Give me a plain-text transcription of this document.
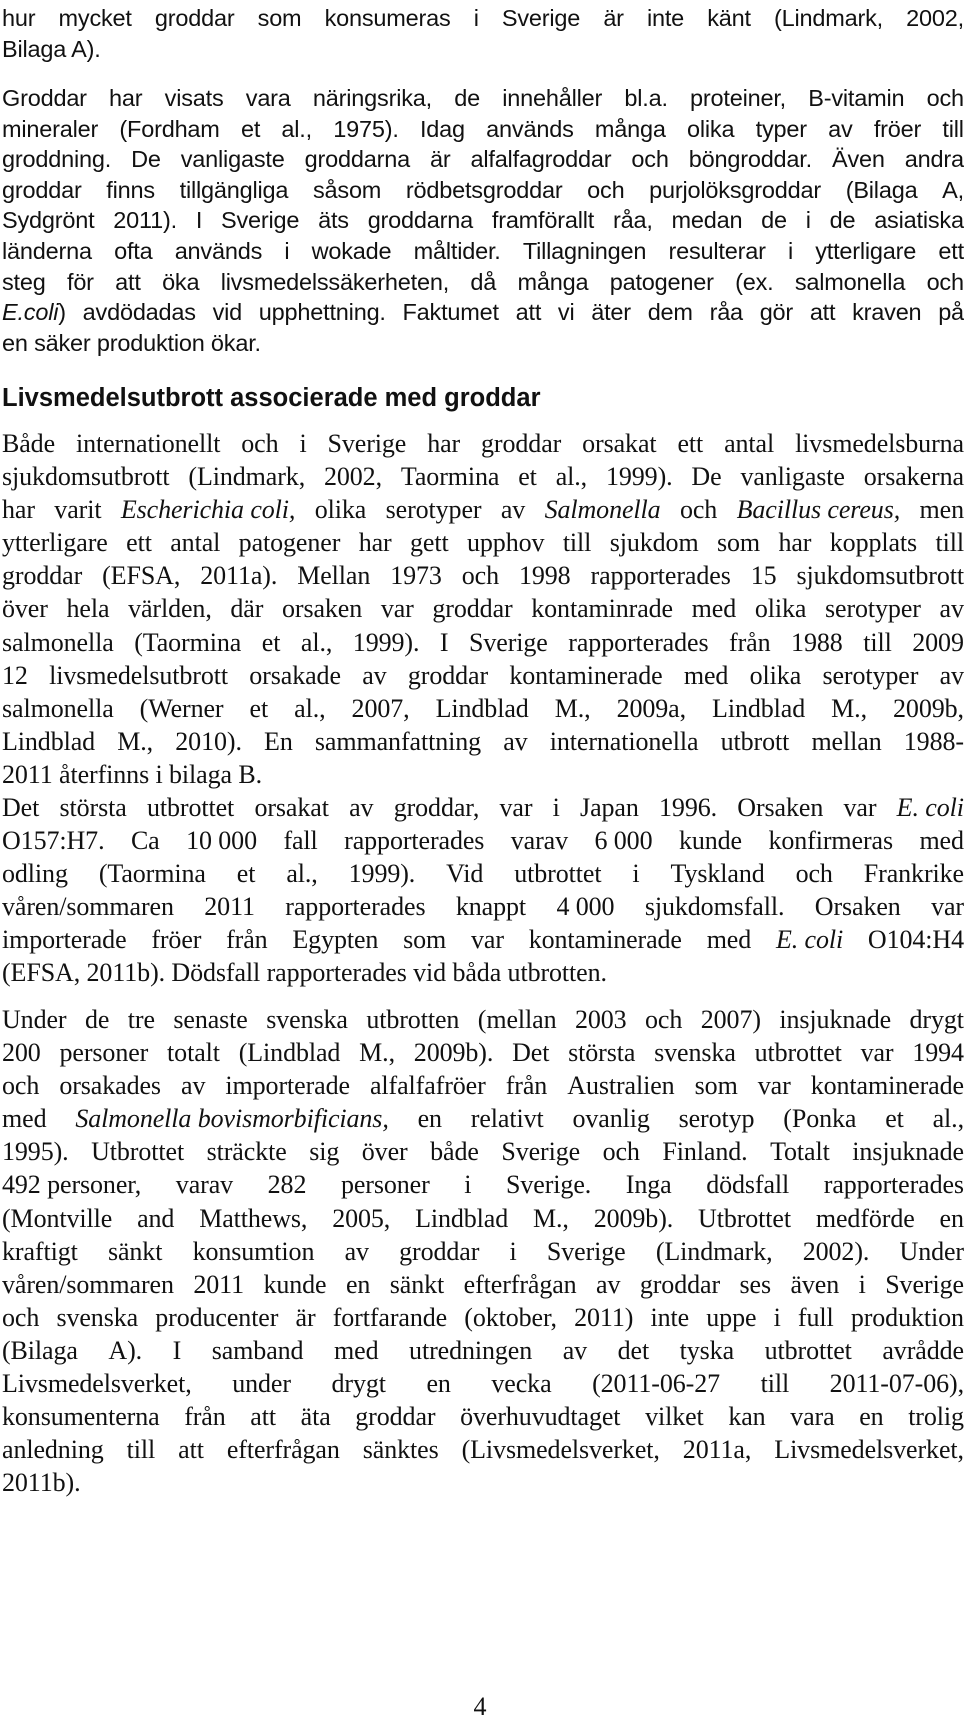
hur mycket groddar som konsumeras i Sverige är inte känt (Lindmark, 2002,
Bilaga A).
Groddar har visats vara näringsrika, de innehåller bl.a. proteiner, B-vitamin och
mineraler (Fordham et al., 1975). Idag används många olika typer av fröer till
groddning. De vanligaste groddarna är alfalfagroddar och böngroddar. Även andra
groddar finns tillgängliga såsom rödbetsgroddar och purjolöksgroddar (Bilaga A,
Sydgrönt 2011). I Sverige äts groddarna framförallt råa, medan de i de asiatiska
länderna ofta används i wokade måltider. Tillagningen resulterar i ytterligare ett
steg för att öka livsmedelssäkerheten, då många patogener (ex. salmonella och
E.coli) avdödadas vid upphettning. Faktumet att vi äter dem råa gör att kraven på
en säker produktion ökar.
Livsmedelsutbrott associerade med groddar
Både internationellt och i Sverige har groddar orsakat ett antal livsmedelsburna
sjukdomsutbrott (Lindmark, 2002, Taormina et al., 1999). De vanligaste orsakerna
har varit Escherichia coli, olika serotyper av Salmonella och Bacillus cereus, men
ytterligare ett antal patogener har gett upphov till sjukdom som har kopplats till
groddar (EFSA, 2011a). Mellan 1973 och 1998 rapporterades 15 sjukdomsutbrott
över hela världen, där orsaken var groddar kontaminrade med olika serotyper av
salmonella (Taormina et al., 1999). I Sverige rapporterades från 1988 till 2009
12 livsmedelsutbrott orsakade av groddar kontaminerade med olika serotyper av
salmonella (Werner et al., 2007, Lindblad M., 2009a, Lindblad M., 2009b,
Lindblad M., 2010). En sammanfattning av internationella utbrott mellan 1988-
2011 återfinns i bilaga B.
Det största utbrottet orsakat av groddar, var i Japan 1996. Orsaken var E. coli
O157:H7. Ca 10 000 fall rapporterades varav 6 000 kunde konfirmeras med
odling (Taormina et al., 1999). Vid utbrottet i Tyskland och Frankrike
våren/sommaren 2011 rapporterades knappt 4 000 sjukdomsfall. Orsaken var
importerade fröer från Egypten som var kontaminerade med E. coli O104:H4
(EFSA, 2011b). Dödsfall rapporterades vid båda utbrotten.
Under de tre senaste svenska utbrotten (mellan 2003 och 2007) insjuknade drygt
200 personer totalt (Lindblad M., 2009b). Det största svenska utbrottet var 1994
och orsakades av importerade alfalfafröer från Australien som var kontaminerade
med Salmonella bovismorbificians, en relativt ovanlig serotyp (Ponka et al.,
1995). Utbrottet sträckte sig över både Sverige och Finland. Totalt insjuknade
492 personer, varav 282 personer i Sverige. Inga dödsfall rapporterades
(Montville and Matthews, 2005, Lindblad M., 2009b). Utbrottet medförde en
kraftigt sänkt konsumtion av groddar i Sverige (Lindmark, 2002). Under
våren/sommaren 2011 kunde en sänkt efterfrågan av groddar ses även i Sverige
och svenska producenter är fortfarande (oktober, 2011) inte uppe i full produktion
(Bilaga A). I samband med utredningen av det tyska utbrottet avrådde
Livsmedelsverket, under drygt en vecka (2011-06-27 till 2011-07-06),
konsumenterna från att äta groddar överhuvudtaget vilket kan vara en trolig
anledning till att efterfrågan sänktes (Livsmedelsverket, 2011a, Livsmedelsverket,
2011b).
4
